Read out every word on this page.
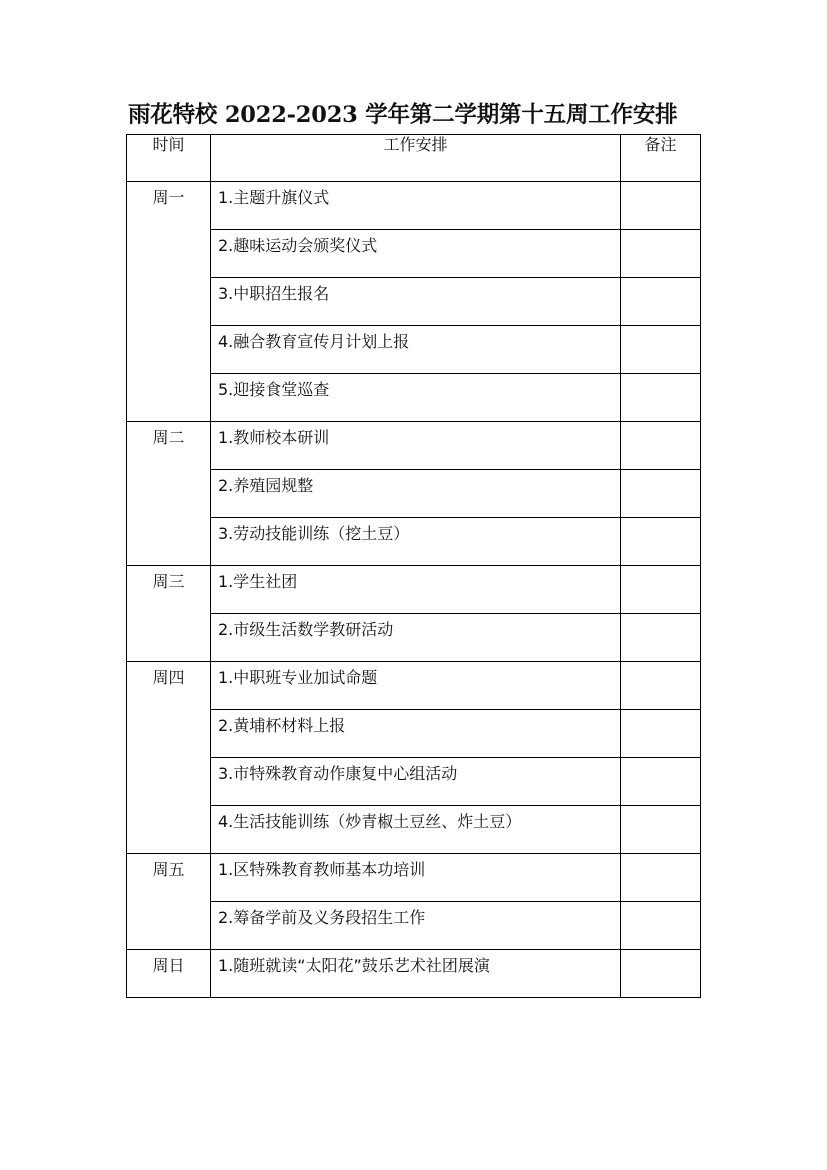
雨花特校 2022-2023 学年第二学期第十五周工作安排
时间	工作安排	备注
周一	1.主题升旗仪式	
	2.趣味运动会颁奖仪式	
	3.中职招生报名	
	4.融合教育宣传月计划上报	
	5.迎接食堂巡查	
周二	1.教师校本研训	
	2.养殖园规整	
	3.劳动技能训练（挖土豆）	
周三	1.学生社团	
	2.市级生活数学教研活动	
周四	1.中职班专业加试命题	
	2.黄埔杯材料上报	
	3.市特殊教育动作康复中心组活动	
	4.生活技能训练（炒青椒土豆丝、炸土豆）	
周五	1.区特殊教育教师基本功培训	
	2.筹备学前及义务段招生工作	
周日	1.随班就读“太阳花”鼓乐艺术社团展演	
